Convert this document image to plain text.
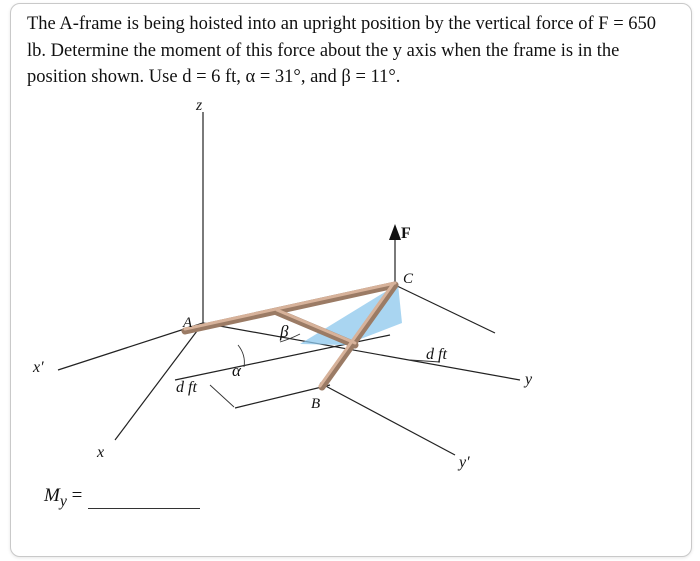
The A-frame is being hoisted into an upright position by the vertical force of F = 650 lb. Determine the moment of this force about the y axis when the frame is in the position shown. Use d = 6 ft, α = 31°, and β = 11°.

z
F
C
A	β
α
d ft
d ft
x′
y
B
x
y′
$M_y$ =
